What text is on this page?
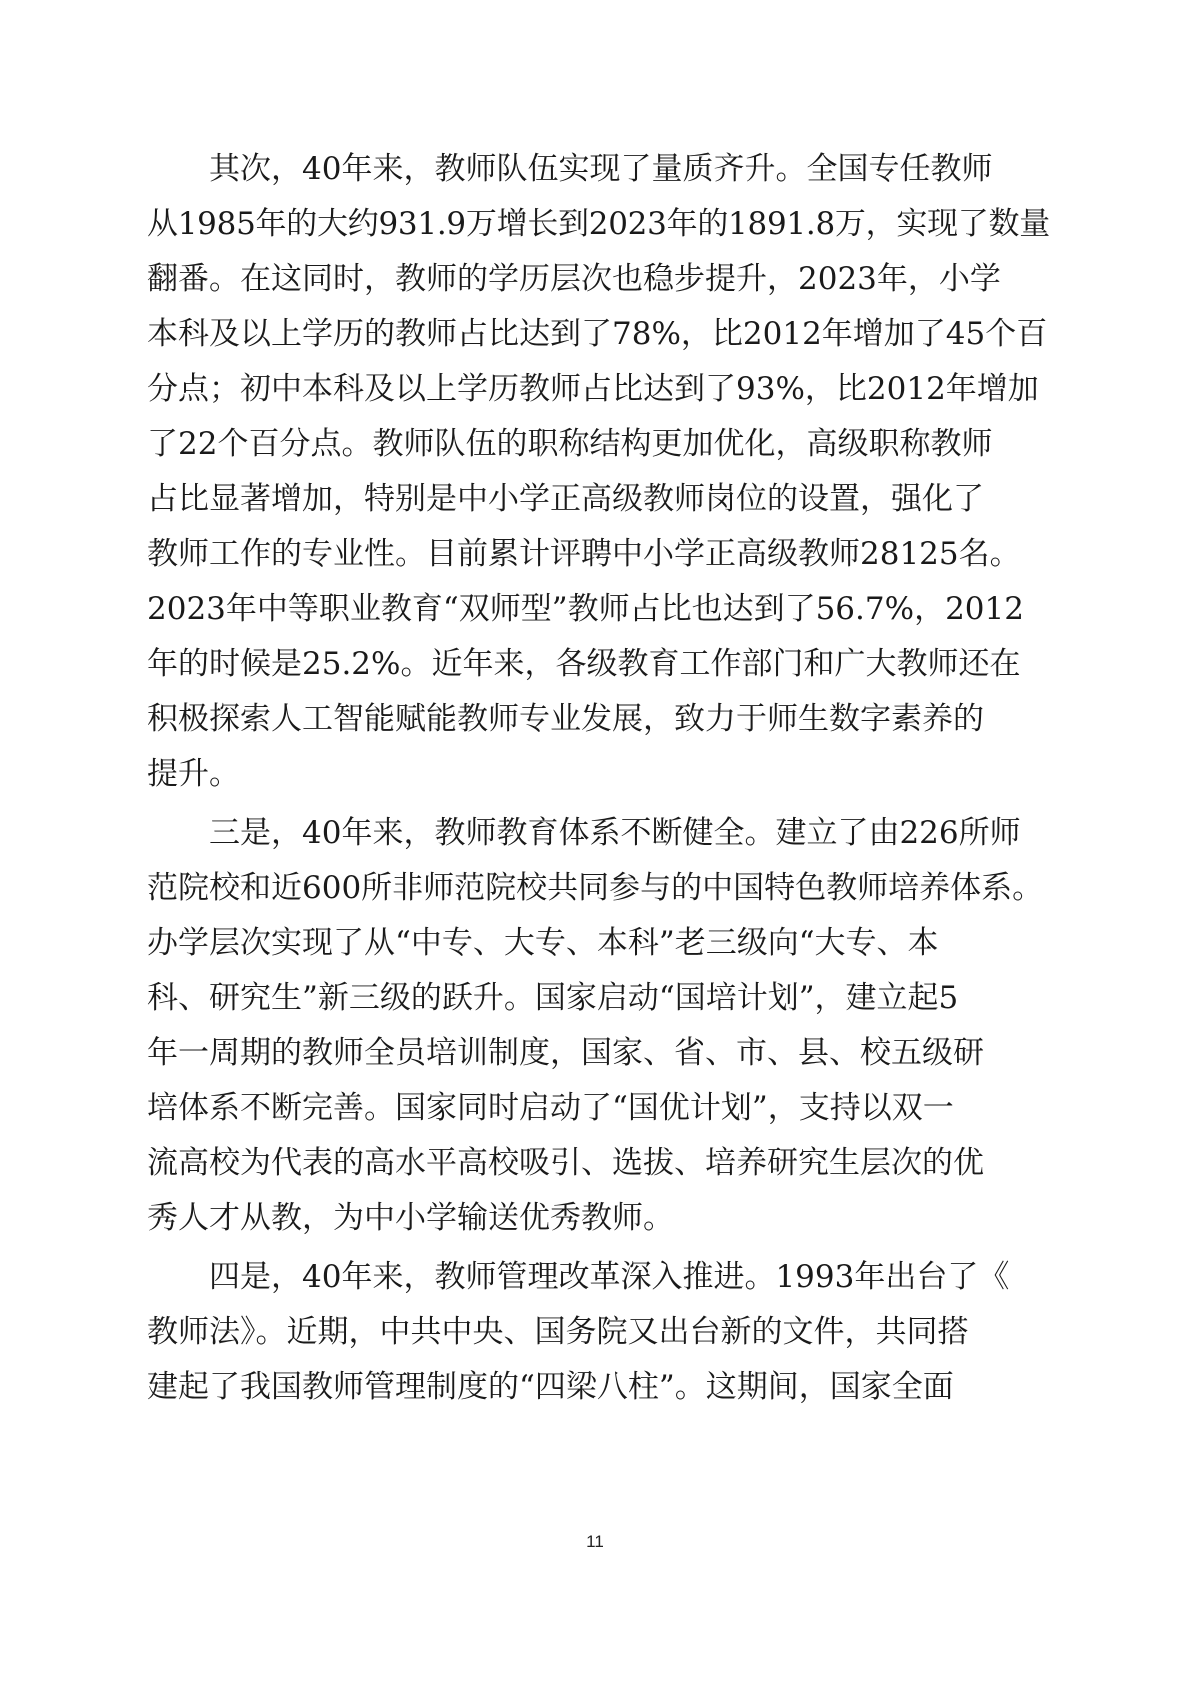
其次，40年来，教师队伍实现了量质齐升。全国专任教师
从1985年的大约931.9万增长到2023年的1891.8万，实现了数量
翻番。在这同时，教师的学历层次也稳步提升，2023年，小学
本科及以上学历的教师占比达到了78%，比2012年增加了45个百
分点；初中本科及以上学历教师占比达到了93%，比2012年增加
了22个百分点。教师队伍的职称结构更加优化，高级职称教师
占比显著增加，特别是中小学正高级教师岗位的设置，强化了
教师工作的专业性。目前累计评聘中小学正高级教师28125名。
2023年中等职业教育“双师型”教师占比也达到了56.7%，2012
年的时候是25.2%。近年来，各级教育工作部门和广大教师还在
积极探索人工智能赋能教师专业发展，致力于师生数字素养的
提升。
三是，40年来，教师教育体系不断健全。建立了由226所师
范院校和近600所非师范院校共同参与的中国特色教师培养体系。
办学层次实现了从“中专、大专、本科”老三级向“大专、本
科、研究生”新三级的跃升。国家启动“国培计划”，建立起5
年一周期的教师全员培训制度，国家、省、市、县、校五级研
培体系不断完善。国家同时启动了“国优计划”，支持以双一
流高校为代表的高水平高校吸引、选拔、培养研究生层次的优
秀人才从教，为中小学输送优秀教师。
四是，40年来，教师管理改革深入推进。1993年出台了《
教师法》。近期，中共中央、国务院又出台新的文件，共同搭
建起了我国教师管理制度的“四梁八柱”。这期间，国家全面
11
